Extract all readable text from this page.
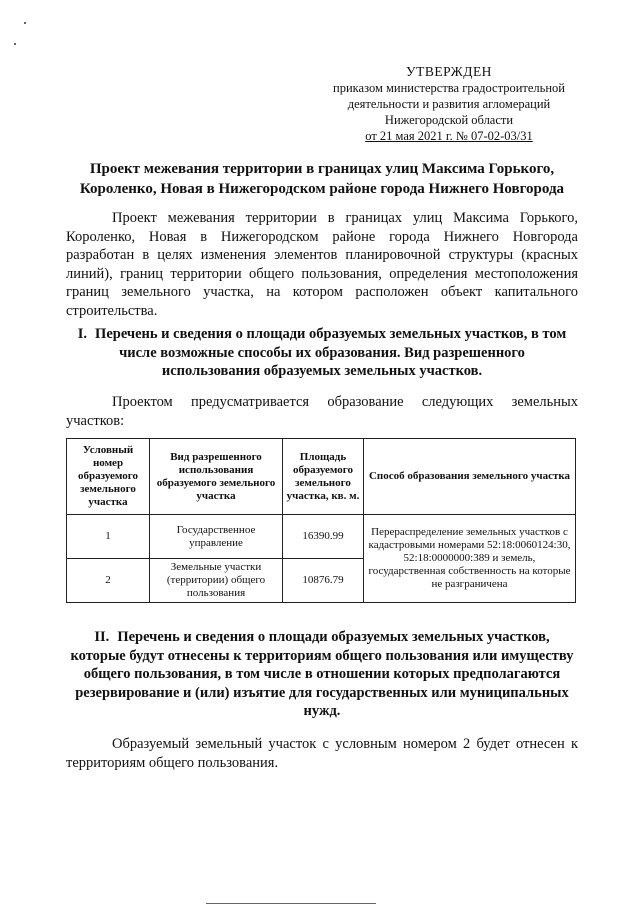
УТВЕРЖДЕН
приказом министерства градостроительной
деятельности и развития агломераций
Нижегородской области
от 21 мая 2021 г. № 07-02-03/31
Проект межевания территории в границах улиц Максима Горького, Короленко, Новая в Нижегородском районе города Нижнего Новгорода
Проект межевания территории в границах улиц Максима Горького, Короленко, Новая в Нижегородском районе города Нижнего Новгорода разработан в целях изменения элементов планировочной структуры (красных линий), границ территории общего пользования, определения местоположения границ земельного участка, на котором расположен объект капитального строительства.
I. Перечень и сведения о площади образуемых земельных участков, в том числе возможные способы их образования. Вид разрешенного использования образуемых земельных участков.
Проектом предусматривается образование следующих земельных участков:
Условный номер образуемого земельного участка	Вид разрешенного использования образуемого земельного участка	Площадь образуемого земельного участка, кв. м.	Способ образования земельного участка
1	Государственное управление	16390.99	Перераспределение земельных участков с кадастровыми номерами 52:18:0060124:30, 52:18:0000000:389 и земель, государственная собственность на которые не разграничена
2	Земельные участки (территории) общего пользования	10876.79	
II. Перечень и сведения о площади образуемых земельных участков, которые будут отнесены к территориям общего пользования или имуществу общего пользования, в том числе в отношении которых предполагаются резервирование и (или) изъятие для государственных или муниципальных нужд.
Образуемый земельный участок с условным номером 2 будет отнесен к территориям общего пользования.
